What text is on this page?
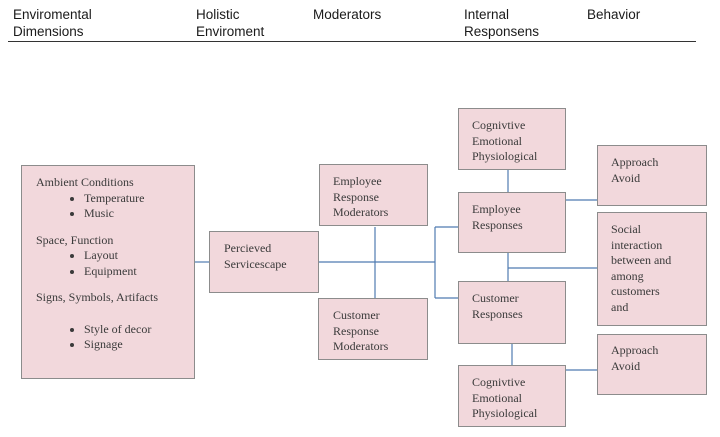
Enviromental
Dimensions
Holistic
Enviroment
Moderators	Internal
Responsens
Behavior

Ambient Conditions

• Temperature
• Music

Space, Function

• Layout
• Equipment

Signs, Symbols, Artifacts

• Style of decor
• Signage
Percieved
Servicescape
Employee
Response
Moderators
Customer
Response
Moderators
Cognivtive
Emotional
Physiological
Employee
Responses
Customer
Responses
Cognivtive
Emotional
Physiological
Approach
Avoid
Social
interaction
between and
among
customers
and
Approach
Avoid
